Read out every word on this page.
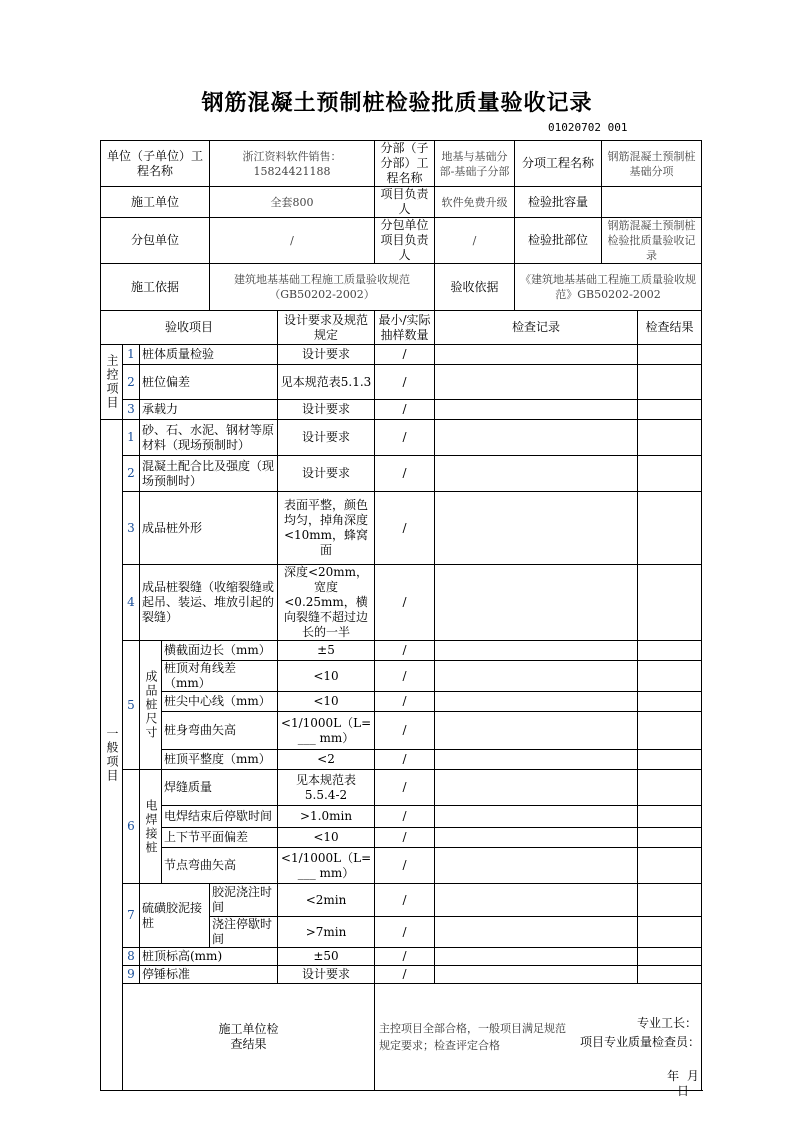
钢筋混凝土预制桩检验批质量验收记录
01020702 001
单位（子单位）工程名称				浙江资料软件销售：15824421188		分部（子分部）工程名称	地基与基础分部-基础子分部	分项工程名称	钢筋混凝土预制桩基础分项	
施工单位				全套800		项目负责人	软件免费升级	检验批容量		
分包单位				/		分包单位项目负责人	/	检验批部位	钢筋混凝土预制桩检验批质量验收记录	
施工依据				建筑地基基础工程施工质量验收规范（GB50202-2002）			验收依据	《建筑地基基础工程施工质量验收规范》GB50202-2002		
验收项目					设计要求及规范规定	最小/实际抽样数量	检查记录			检查结果

主控项目	1	桩体质量检验			设计要求	/				
	2	桩位偏差			见本规范表5.1.3	/				
	3	承载力			设计要求	/				

一般项目	1	砂、石、水泥、钢材等原材料（现场预制时）			设计要求	/				
	2	混凝土配合比及强度（现场预制时）			设计要求	/				
	3	成品桩外形			表面平整，颜色均匀，掉角深度<10mm，蜂窝面	/				
	4	成品桩裂缝（收缩裂缝或起吊、装运、堆放引起的裂缝）			深度<20mm，宽度<0.25mm，横向裂缝不超过边长的一半	/				
	5	成品桩尺寸	横截面边长（mm）		±5	/				
			桩顶对角线差（mm）		<10	/				
			桩尖中心线（mm）		<10	/				
			桩身弯曲矢高		<1/1000L（L= ___ mm）	/				
			桩顶平整度（mm）		<2	/				
	6	电焊接桩	焊缝质量		见本规范表5.5.4-2	/				
			电焊结束后停歇时间		>1.0min	/				
			上下节平面偏差		<10	/				
			节点弯曲矢高		<1/1000L（L= ___ mm）	/				
	7	硫磺胶泥接桩		胶泥浇注时间	<2min	/				
				浇注停歇时间	>7min	/				
	8	桩顶标高(mm)			±50	/				
	9	停锤标准			设计要求	/				

	施工单位检查结果					主控项目全部合格，一般项目满足规范规定要求；检查评定合格
专业工长：
项目专业质量检查员：
年 月 日				
